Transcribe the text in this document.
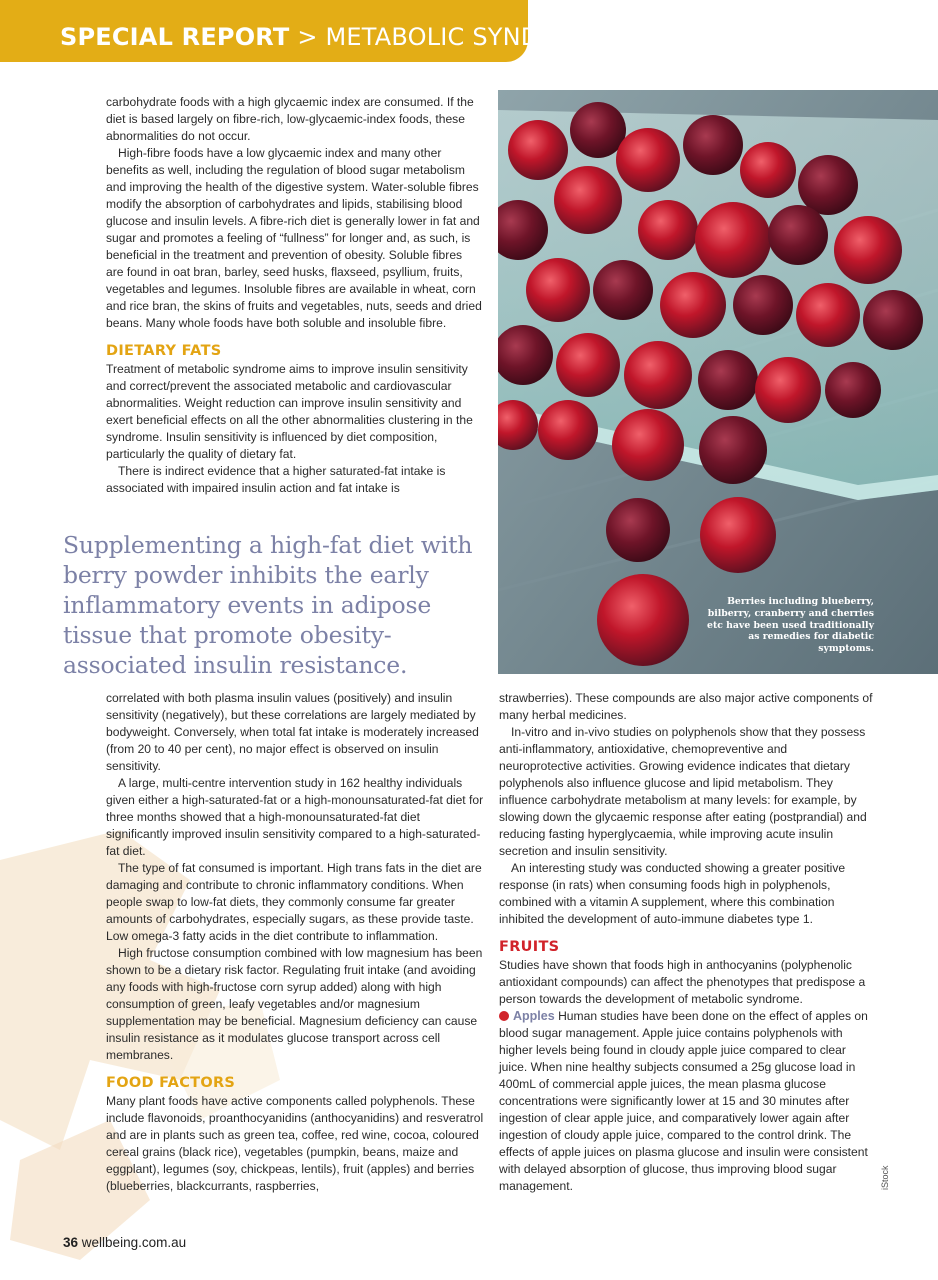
SPECIAL REPORT > METABOLIC SYNDROME

carbohydrate foods with a high glycaemic index are consumed. If the diet is based largely on fibre-rich, low-glycaemic-index foods, these abnormalities do not occur.

High-fibre foods have a low glycaemic index and many other benefits as well, including the regulation of blood sugar metabolism and improving the health of the digestive system. Water-soluble fibres modify the absorption of carbohydrates and lipids, stabilising blood glucose and insulin levels. A fibre-rich diet is generally lower in fat and sugar and promotes a feeling of “fullness” for longer and, as such, is beneficial in the treatment and prevention of obesity. Soluble fibres are found in oat bran, barley, seed husks, flaxseed, psyllium, fruits, vegetables and legumes. Insoluble fibres are available in wheat, corn and rice bran, the skins of fruits and vegetables, nuts, seeds and dried beans. Many whole foods have both soluble and insoluble fibre.

DIETARY FATS

Treatment of metabolic syndrome aims to improve insulin sensitivity and correct/prevent the associated metabolic and cardiovascular abnormalities. Weight reduction can improve insulin sensitivity and exert beneficial effects on all the other abnormalities clustering in the syndrome. Insulin sensitivity is influenced by diet composition, particularly the quality of dietary fat.

There is indirect evidence that a higher saturated-fat intake is associated with impaired insulin action and fat intake is

Supplementing a high-fat diet with berry powder inhibits the early inflammatory events in adipose tissue that promote obesity-associated insulin resistance.
Berries including blueberry, bilberry, cranberry and cherries etc have been used traditionally as remedies for diabetic symptoms.

correlated with both plasma insulin values (positively) and insulin sensitivity (negatively), but these correlations are largely mediated by bodyweight. Conversely, when total fat intake is moderately increased (from 20 to 40 per cent), no major effect is observed on insulin sensitivity.

A large, multi-centre intervention study in 162 healthy individuals given either a high-saturated-fat or a high-monounsaturated-fat diet for three months showed that a high-monounsaturated-fat diet significantly improved insulin sensitivity compared to a high-saturated-fat diet.

The type of fat consumed is important. High trans fats in the diet are damaging and contribute to chronic inflammatory conditions. When people swap to low-fat diets, they commonly consume far greater amounts of carbohydrates, especially sugars, as these provide taste. Low omega-3 fatty acids in the diet contribute to inflammation.

High fructose consumption combined with low magnesium has been shown to be a dietary risk factor. Regulating fruit intake (and avoiding any foods with high-fructose corn syrup added) along with high consumption of green, leafy vegetables and/or magnesium supplementation may be beneficial. Magnesium deficiency can cause insulin resistance as it modulates glucose transport across cell membranes.

FOOD FACTORS

Many plant foods have active components called polyphenols. These include flavonoids, proanthocyanidins (anthocyanidins) and resveratrol and are in plants such as green tea, coffee, red wine, cocoa, coloured cereal grains (black rice), vegetables (pumpkin, beans, maize and eggplant), legumes (soy, chickpeas, lentils), fruit (apples) and berries (blueberries, blackcurrants, raspberries,

strawberries). These compounds are also major active components of many herbal medicines.

In-vitro and in-vivo studies on polyphenols show that they possess anti-inflammatory, antioxidative, chemopreventive and neuroprotective activities. Growing evidence indicates that dietary polyphenols also influence glucose and lipid metabolism. They influence carbohydrate metabolism at many levels: for example, by slowing down the glycaemic response after eating (postprandial) and reducing fasting hyperglycaemia, while improving acute insulin secretion and insulin sensitivity.

An interesting study was conducted showing a greater positive response (in rats) when consuming foods high in polyphenols, combined with a vitamin A supplement, where this combination inhibited the development of auto-immune diabetes type 1.

FRUITS

Studies have shown that foods high in anthocyanins (polyphenolic antioxidant compounds) can affect the phenotypes that predispose a person towards the development of metabolic syndrome.

Apples Human studies have been done on the effect of apples on blood sugar management. Apple juice contains polyphenols with higher levels being found in cloudy apple juice compared to clear juice. When nine healthy subjects consumed a 25g glucose load in 400mL of commercial apple juices, the mean plasma glucose concentrations were significantly lower at 15 and 30 minutes after ingestion of clear apple juice, and comparatively lower again after ingestion of cloudy apple juice, compared to the control drink. The effects of apple juices on plasma glucose and insulin were consistent with delayed absorption of glucose, thus improving blood sugar management.	iStock
36 wellbeing.com.au
